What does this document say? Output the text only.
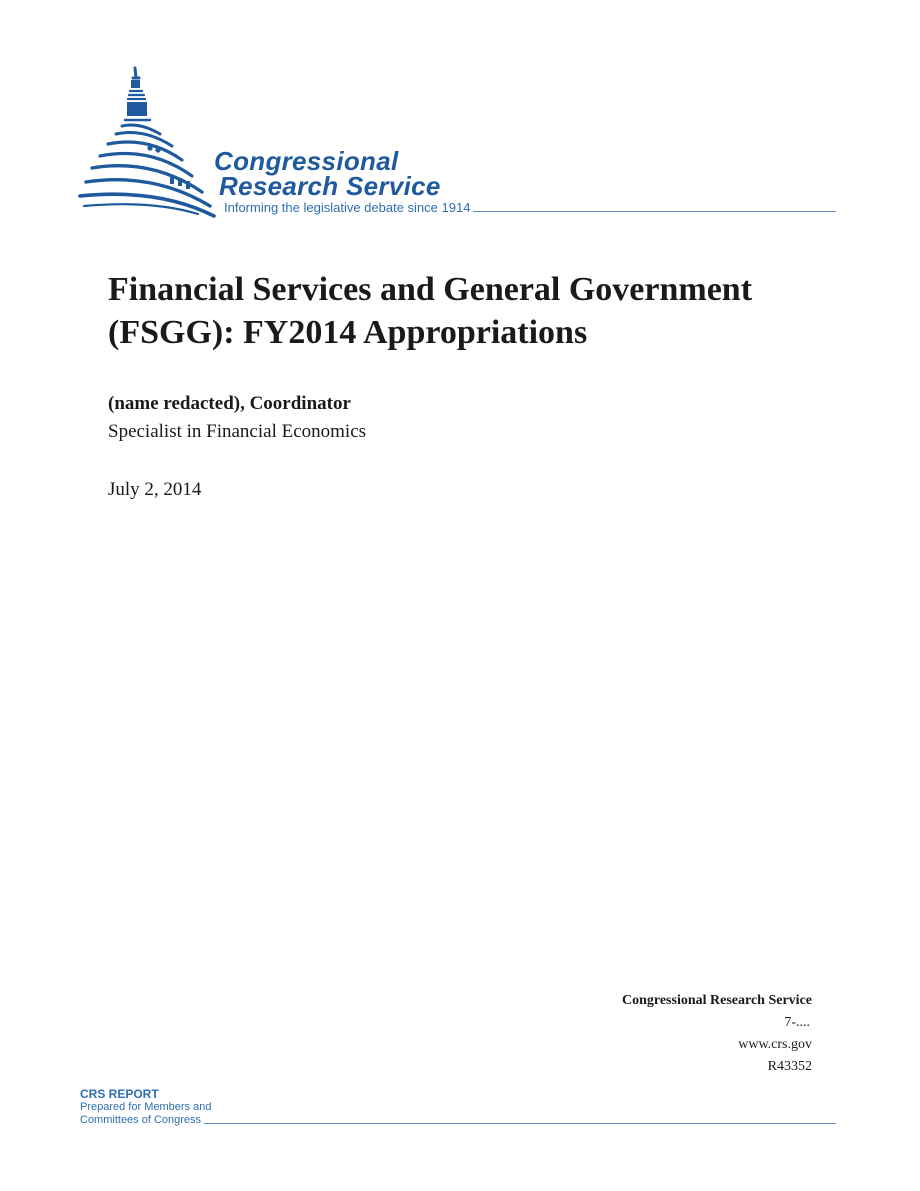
Congressional
Research Service
Informing the legislative debate since 1914
Financial Services and General Government (FSGG): FY2014 Appropriations
(name redacted), Coordinator
Specialist in Financial Economics
July 2, 2014
Congressional Research Service
7-....
www.crs.gov
R43352
CRS REPORT
Prepared for Members and
Committees of Congress
